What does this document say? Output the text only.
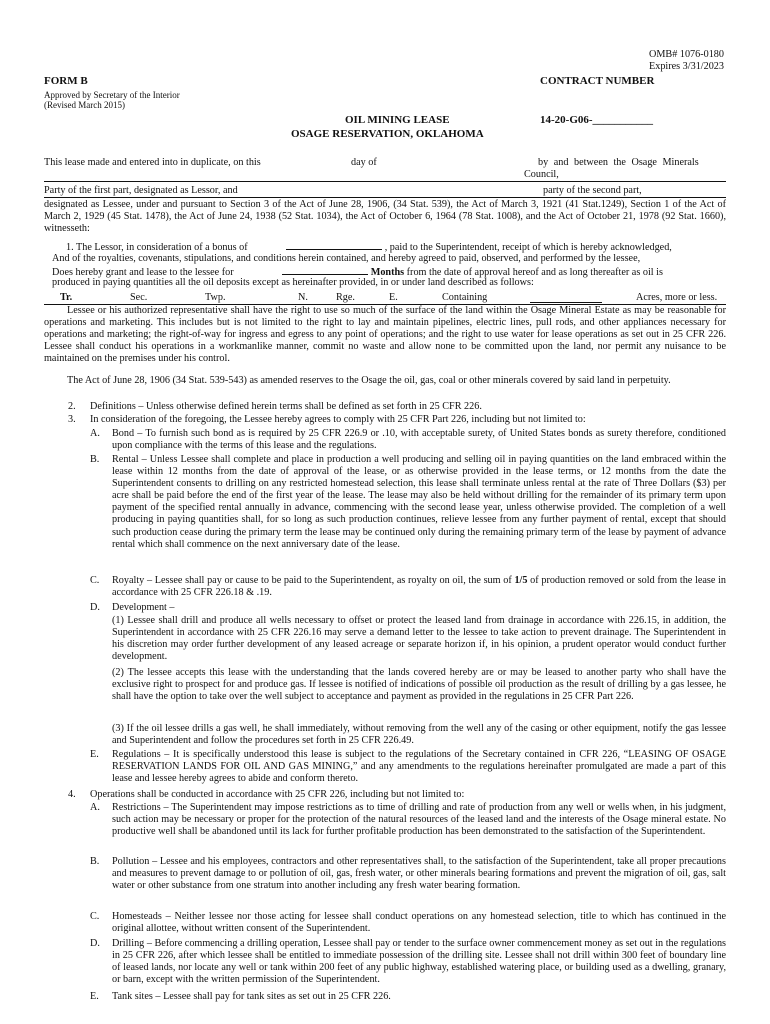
OMB# 1076-0180
Expires 3/31/2023
FORM B	CONTRACT NUMBER
Approved by Secretary of the Interior
(Revised March 2015)
OIL MINING LEASE
OSAGE RESERVATION, OKLAHOMA
14-20-G06-___________
This lease made and entered into in duplicate, on this	day of	by and between the Osage Minerals
Council,
Party of the first part, designated as Lessor, and	party of the second part,
designated as Lessee, under and pursuant to Section 3 of the Act of June 28, 1906, (34 Stat. 539), the Act of March 3, 1921 (41 Stat.1249), Section 1 of the Act of March 2, 1929 (45 Stat. 1478), the Act of June 24, 1938 (52 Stat. 1034), the Act of October 6, 1964 (78 Stat. 1008), and the Act of October 21, 1978 (92 Stat. 1660), witnesseth:
1. The Lessor, in consideration of a bonus of	, paid to the Superintendent, receipt of which is hereby acknowledged,
And of the royalties, covenants, stipulations, and conditions herein contained, and hereby agreed to paid, observed, and performed by the lessee,
Does hereby grant and lease to the lessee for	Months from the date of approval hereof and as long thereafter as oil is
produced in paying quantities all the oil deposits except as hereinafter provided, in or under land described as follows:
Tr.	Sec.	Twp.	N.	Rge.	E.	Containing	Acres, more or less.
Lessee or his authorized representative shall have the right to use so much of the surface of the land within the Osage Mineral Estate as may be reasonable for operations and marketing. This includes but is not limited to the right to lay and maintain pipelines, electric lines, pull rods, and other appliances necessary for operations and marketing; the right-of-way for ingress and egress to any point of operations; and the right to use water for lease operations as set out in 25 CFR 226. Lessee shall conduct his operations in a workmanlike manner, commit no waste and allow none to be committed upon the land, nor permit any nuisance to be maintained on the premises under his control.
The Act of June 28, 1906 (34 Stat. 539-543) as amended reserves to the Osage the oil, gas, coal or other minerals covered by said land in perpetuity.
2. Definitions – Unless otherwise defined herein terms shall be defined as set forth in 25 CFR 226.
3. In consideration of the foregoing, the Lessee hereby agrees to comply with 25 CFR Part 226, including but not limited to:
A. Bond – To furnish such bond as is required by 25 CFR 226.9 or .10, with acceptable surety, of United States bonds as surety therefore, conditioned upon compliance with the terms of this lease and the regulations.
B. Rental – Unless Lessee shall complete and place in production a well producing and selling oil in paying quantities on the land embraced within the lease within 12 months from the date of approval of the lease, or as otherwise provided in the lease terms, or 12 months from the date the Superintendent consents to drilling on any restricted homestead selection, this lease shall terminate unless rental at the rate of Three Dollars ($3) per acre shall be paid before the end of the first year of the lease. The lease may also be held without drilling for the remainder of its primary term upon payment of the specified rental annually in advance, commencing with the second lease year, unless otherwise provided. The completion of a well producing in paying quantities shall, for so long as such production continues, relieve lessee from any further payment of rental, except that should such production cease during the primary term the lease may be continued only during the remaining primary term of the lease by payment of advance rental which shall commence on the next anniversary date of the lease.
C. Royalty – Lessee shall pay or cause to be paid to the Superintendent, as royalty on oil, the sum of 1/5 of production removed or sold from the lease in accordance with 25 CFR 226.18 & .19.
D. Development –
(1) Lessee shall drill and produce all wells necessary to offset or protect the leased land from drainage in accordance with 226.15, in addition, the Superintendent in accordance with 25 CFR 226.16 may serve a demand letter to the lessee to take action to prevent drainage. The Superintendent in his discretion may order further development of any leased acreage or separate horizon if, in his opinion, a prudent operator would conduct further development.
(2) The lessee accepts this lease with the understanding that the lands covered hereby are or may be leased to another party who shall have the exclusive right to prospect for and produce gas. If lessee is notified of indications of possible oil production as the result of drilling by a gas lessee, he shall have the option to take over the well subject to acceptance and payment as provided in the regulations in 25 CFR Part 226.
(3) If the oil lessee drills a gas well, he shall immediately, without removing from the well any of the casing or other equipment, notify the gas lessee and Superintendent and follow the procedures set forth in 25 CFR 226.49.
E. Regulations – It is specifically understood this lease is subject to the regulations of the Secretary contained in CFR 226, “LEASING OF OSAGE RESERVATION LANDS FOR OIL AND GAS MINING,” and any amendments to the regulations hereinafter promulgated are made a part of this lease and lessee hereby agrees to abide and conform thereto.
4. Operations shall be conducted in accordance with 25 CFR 226, including but not limited to:
A. Restrictions – The Superintendent may impose restrictions as to time of drilling and rate of production from any well or wells when, in his judgment, such action may be necessary or proper for the protection of the natural resources of the leased land and the interests of the Osage mineral estate. No productive well shall be abandoned until its lack for further profitable production has been demonstrated to the satisfaction of the Superintendent.
B. Pollution – Lessee and his employees, contractors and other representatives shall, to the satisfaction of the Superintendent, take all proper precautions and measures to prevent damage to or pollution of oil, gas, fresh water, or other minerals bearing formations and prevent the migration of oil, gas, salt water or other substance from one stratum into another including any fresh water bearing formation.
C. Homesteads – Neither lessee nor those acting for lessee shall conduct operations on any homestead selection, title to which has continued in the original allottee, without written consent of the Superintendent.
D. Drilling – Before commencing a drilling operation, Lessee shall pay or tender to the surface owner commencement money as set out in the regulations in 25 CFR 226, after which lessee shall be entitled to immediate possession of the drilling site. Lessee shall not drill within 300 feet of boundary line of leased lands, nor locate any well or tank within 200 feet of any public highway, established watering place, or building used as a dwelling, granary, or barn, except with the written permission of the Superintendent.
E. Tank sites – Lessee shall pay for tank sites as set out in 25 CFR 226.
